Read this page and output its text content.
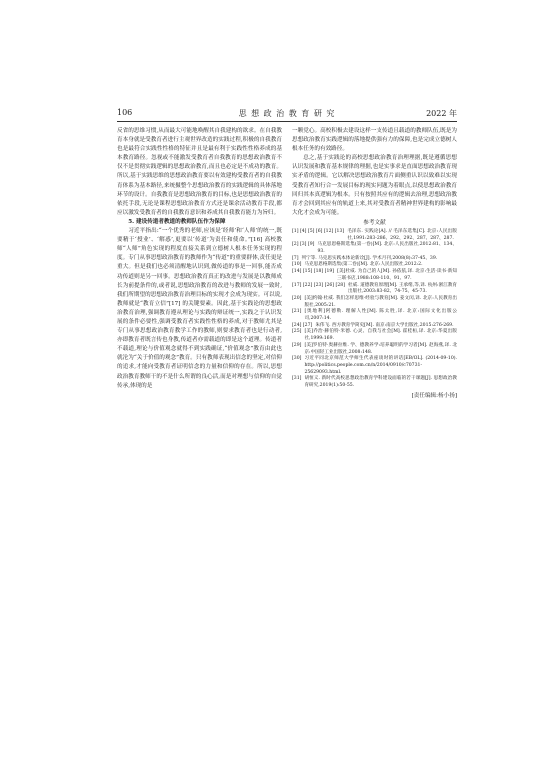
106	思 想 政 治 教 育 研 究	2022 年

反省的思维习惯,从而最大可能地唤醒其自我建构的欲求。在自我教育本身就是受教育者进行主观世界改造的实践过程,积极的自我教育也是最符合实践性性格的特征并且是最有利于实践性性格养成的基本教育路径。忽视或不能激发受教育者自我教育的思想政治教育不仅不是贯彻实践逻辑的思想政治教育,而且也必定是不成功的教育。所以,基于实践思维的思想政治教育要以有效建构受教育者的自我教育体系为基本路径,来统摄整个思想政治教育的实践逻辑的具体落地环节的设计。自我教育是思想政治教育的目标,也是思想政治教育的依托手段,无论是课程思想政治教育方式还是课余活动教育手段,都应以激发受教育者的自我教育意识和养成其自我教育能力为旨归。

5. 建设传道者教道的教师队伍作为保障

习近平指出:“一个优秀的老师,应该是‘经师’和‘人师’的统一,既要精于‘授业’、‘解惑’,更要以‘传道’为责任和使命。”[16] 高校教师“人师”角色实现的程度直接关系到立德树人根本任务实现的程度。专门从事思想政治教育的教师作为“传道”的重要群体,责任更是重大。但是我们也必须清醒地认识到,做传道的事是一回事,能否成功传道则是另一回事。思想政治教育真正的改进与发展是以教师成长为前提条件的,或者说,思想政治教育的改进与教师的发展一致时,我们所期望的思想政治教育治理目标的实现才会成为现实。可以说,教师就是“教育立信”[17] 的关键要素。因此,基于实践论的思想政治教育治理,强调教育遵从理论与实践的辩证统一,实践之于认识发展的条件必要性,强调受教育者实践性性格的养成,对于教师尤其是专门从事思想政治教育教学工作的教师,则要求教育者也是行动者,亦即教育者既言传也身教,传道者亦需载道的即是这个道理。传道者不载道,理论与价值观念就得不到实践确证,“价值观念”教育由此也就沦为“关于价值的观念”教育。只有教师表现出信念的坚定,对信仰的追求,才能向受教育者证明信念的力量和信仰的存在。所以,思想政治教育教师干的不是什么所谓的良心活,而是对理想与信仰的自觉传承,体现的是

一颗党心。高校积极去建设这样一支传道且载道的教师队伍,既是为思想政治教育实践逻辑的落地提供强有力的保障,也是完成立德树人根本任务的有效路径。

总之,基于实践论的高校思想政治教育治理理据,既是遵循思想认识发展和教育基本规律的理据,也是实事求是直面思想政治教育现实矛盾的逻辑。它以解决思想政治教育片面侧重认识以致难以实现受教育者知行合一发展目标的现实问题为着眼点,以使思想政治教育回归其本真逻辑为根本。只有按照其应有的逻辑去治理,思想政治教育才会回到其应有的轨道上来,其对受教育者精神世界建构的影响最大化才会成为可能。

参考文献
[1] [4] [5] [6] [12] [13] 毛泽东. 实践论[A]. // 毛泽东选集[C]. 北京:人民出版社,1991:283-286、292、292、287、287、287.
[2] [3] [9] 马克思恩格斯选集(第一卷)[M]. 北京:人民出版社,2012:81、134、93.
[7] 列宁等. 马克思实践本体论新诠[J]. 学术月刊,2008(8):37-45、39.
[10] 马克思恩格斯选集(第二卷)[M]. 北京:人民出版社,2012:2.
[14] [15] [18] [19] [美]杜威. 为自己的人[M]. 孙依依,译. 北京:生活·读书·新知三联书店,1988:108-110、91、97.
[17] [22] [23] [26] [28] 杜威. 道德教育原理[M]. 王承绪,等,译. 杭州:浙江教育出版社,2003:83-82、74-75、45-73.
[20] [美]约翰·杜威. 我们怎样思维·经验与教育[M]. 姜文闵,译. 北京:人民教育出版社,2005:21.
[21] [奥地利]阿德勒. 理解人性[M]. 陈太胜,译. 北京:国际文化出版公司,2007:14.
[24] [27] 朱伟飞. 西方教育学简史[M]. 南京:南京大学出版社,2015:276-269.
[25] [美]乔治·赫伯特·米德. 心灵、自我与社会[M]. 霍桂桓,译. 北京:华夏出版社,1999:169.
[29] [美]罗伯特·奥赫拉维. 学、德教养学:培养聪明的学习者[M]. 赵海燕,译. 北京:中国轻工业出版社,2008:148.
[30] 习近平同北京师范大学师生代表座谈时的讲话[EB/OL]. (2014-09-10). http://politics.people.com.cn/n/2014/0910/c70731-25629093.html.
[31] 胡恒义. 新时代高校思想政治教育学科建设面临的若干课题[J]. 思想政治教育研究,2019(1):50-55.
[责任编辑:杨小扬]
